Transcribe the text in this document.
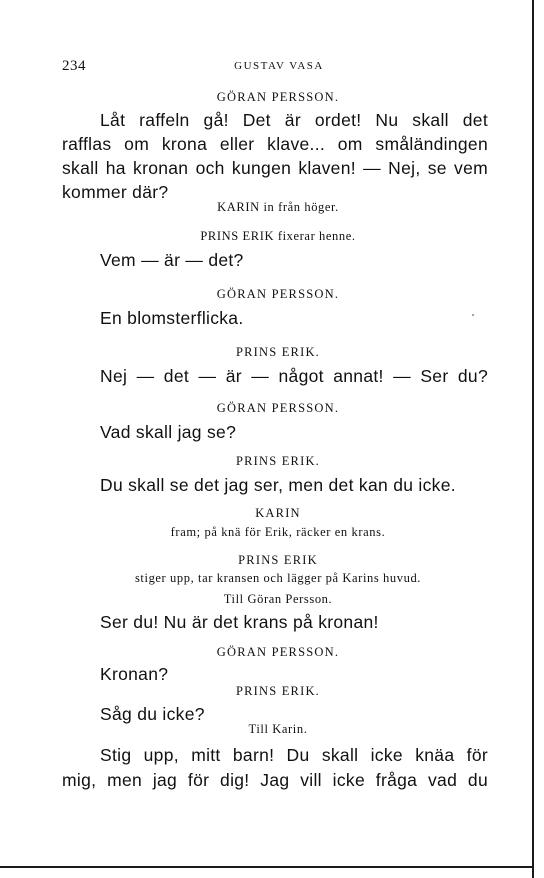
234	GUSTAV VASA
GÖRAN PERSSON.
Låt raffeln gå! Det är ordet! Nu skall det
rafflas om krona eller klave... om småländingen
skall ha kronan och kungen klaven! — Nej, se vem
kommer där?
KARIN in från höger.
PRINS ERIK fixerar henne.
Vem — är — det?
GÖRAN PERSSON.
En blomsterflicka.
PRINS ERIK.
Nej — det — är — något annat! — Ser du?
GÖRAN PERSSON.
Vad skall jag se?
PRINS ERIK.
Du skall se det jag ser, men det kan du icke.
KARIN
fram; på knä för Erik, räcker en krans.
PRINS ERIK
stiger upp, tar kransen och lägger på Karins huvud.
Till Göran Persson.
Ser du! Nu är det krans på kronan!
GÖRAN PERSSON.
Kronan?
PRINS ERIK.
Såg du icke?
Till Karin.
Stig upp, mitt barn! Du skall icke knäa för
mig, men jag för dig! Jag vill icke fråga vad du
